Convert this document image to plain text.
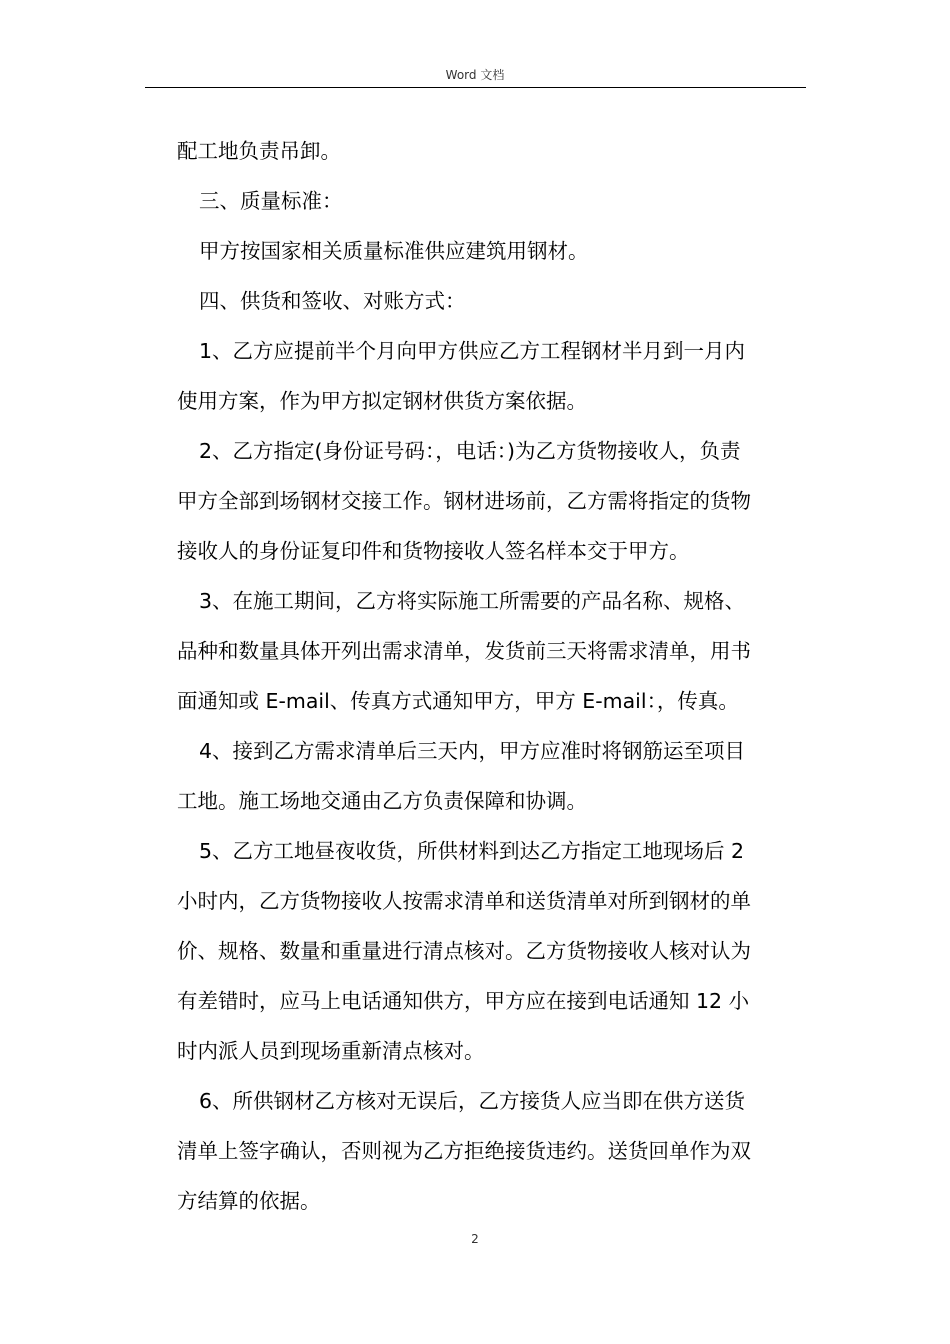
Word 文档

配工地负责吊卸。

三、质量标准：

甲方按国家相关质量标准供应建筑用钢材。

四、供货和签收、对账方式：

1、乙方应提前半个月向甲方供应乙方工程钢材半月到一月内

使用方案，作为甲方拟定钢材供货方案依据。

2、乙方指定(身份证号码：，电话：)为乙方货物接收人，负责

甲方全部到场钢材交接工作。钢材进场前，乙方需将指定的货物

接收人的身份证复印件和货物接收人签名样本交于甲方。

3、在施工期间，乙方将实际施工所需要的产品名称、规格、

品种和数量具体开列出需求清单，发货前三天将需求清单，用书

面通知或 E-mail、传真方式通知甲方，甲方 E-mail：，传真。

4、接到乙方需求清单后三天内，甲方应准时将钢筋运至项目

工地。施工场地交通由乙方负责保障和协调。

5、乙方工地昼夜收货，所供材料到达乙方指定工地现场后 2

小时内，乙方货物接收人按需求清单和送货清单对所到钢材的单

价、规格、数量和重量进行清点核对。乙方货物接收人核对认为

有差错时，应马上电话通知供方，甲方应在接到电话通知 12 小

时内派人员到现场重新清点核对。

6、所供钢材乙方核对无误后，乙方接货人应当即在供方送货

清单上签字确认，否则视为乙方拒绝接货违约。送货回单作为双

方结算的依据。

2
